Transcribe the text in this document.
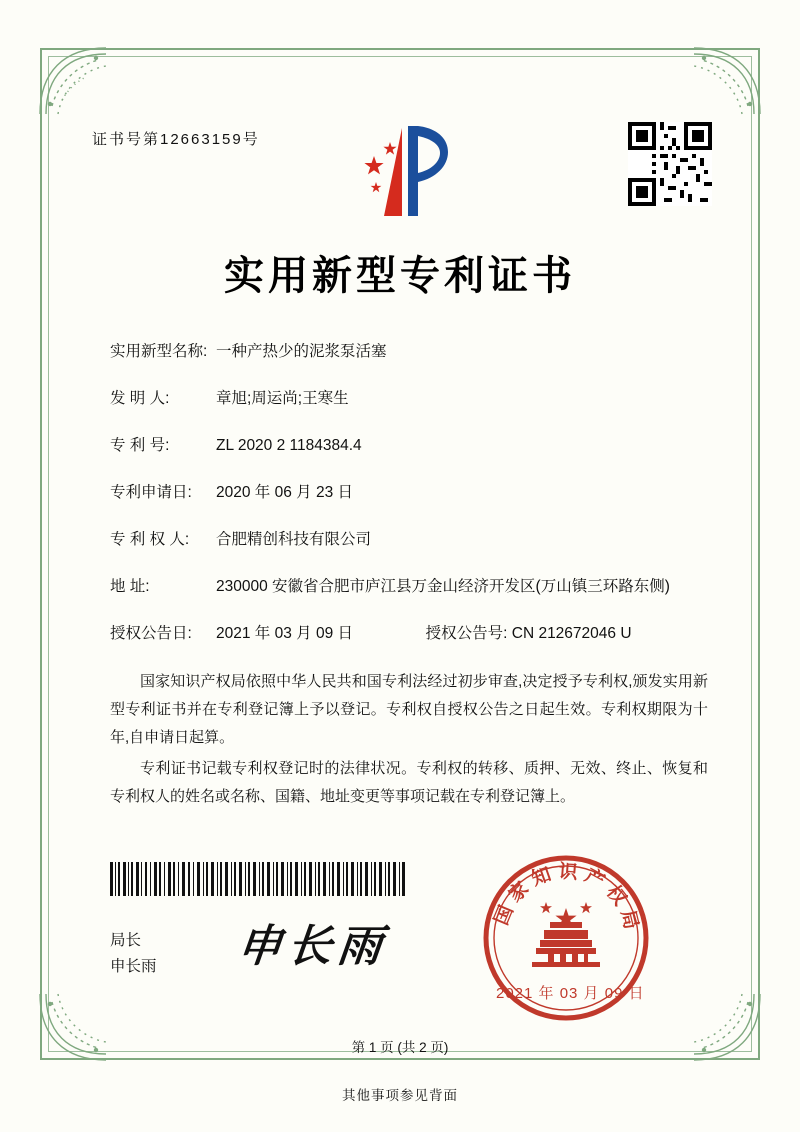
证书号第12663159号
实用新型专利证书
实用新型名称: 一种产热少的泥浆泵活塞
发 明 人:	章旭;周运尚;王寒生
专 利 号:	ZL 2020 2 1184384.4
专利申请日:	2020 年 06 月 23 日
专 利 权 人:	合肥精创科技有限公司
地 址:	230000 安徽省合肥市庐江县万金山经济开发区(万山镇三环路东侧)
授权公告日:	2021 年 03 月 09 日	授权公告号: CN 212672046 U

国家知识产权局依照中华人民共和国专利法经过初步审查,决定授予专利权,颁发实用新型专利证书并在专利登记簿上予以登记。专利权自授权公告之日起生效。专利权期限为十年,自申请日起算。

专利证书记载专利权登记时的法律状况。专利权的转移、质押、无效、终止、恢复和专利权人的姓名或名称、国籍、地址变更等事项记载在专利登记簿上。

局长
申长雨 申长雨
国家知识产权局
2021 年 03 月 09 日
第 1 页 (共 2 页)
其他事项参见背面
